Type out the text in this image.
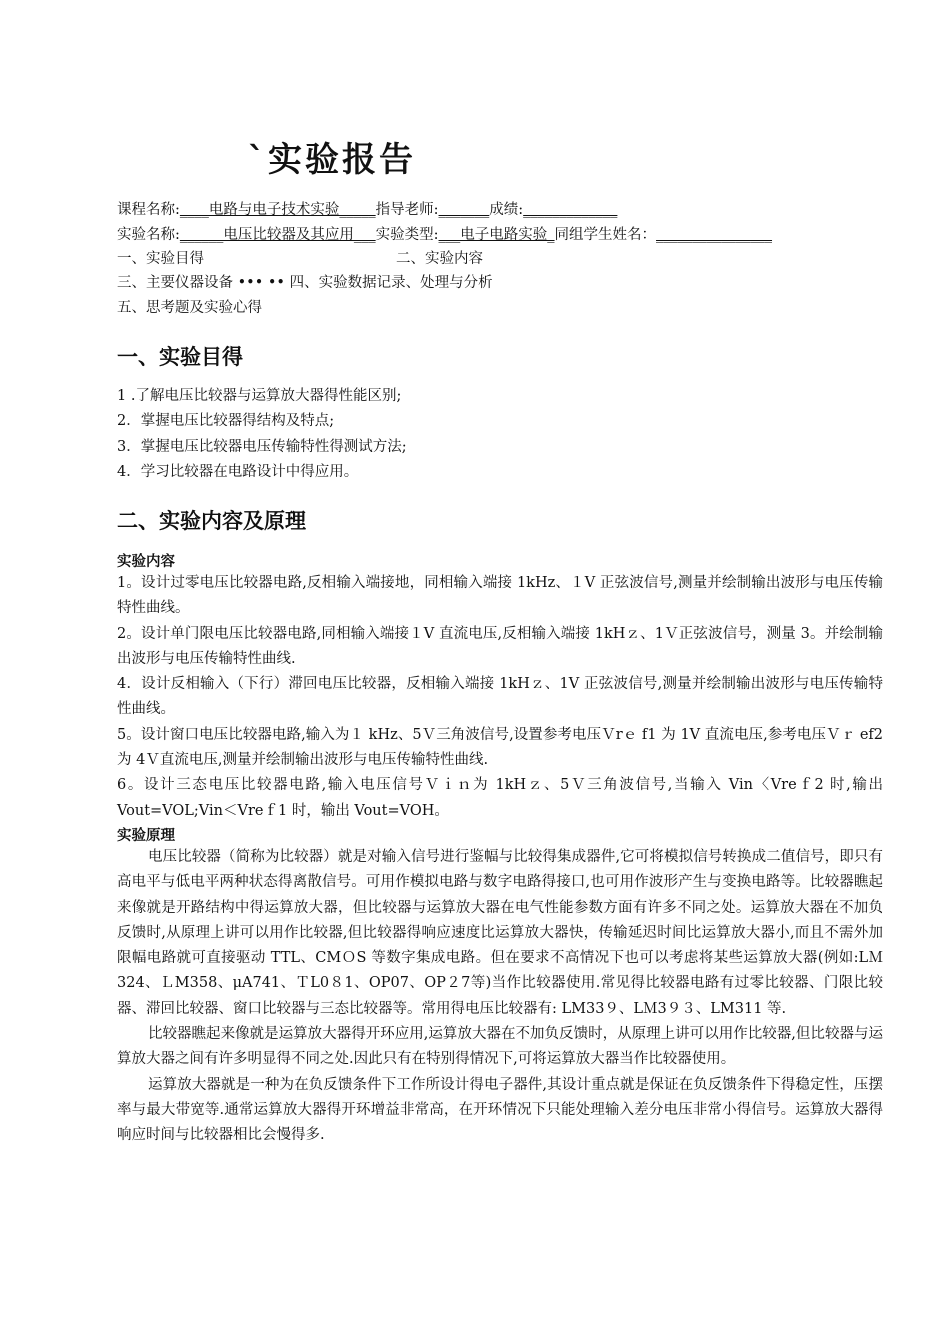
`实验报告
课程名称:____电路与电子技术实验_____指导老师:_______成绩:_____________
实验名称:______电压比较器及其应用___实验类型:___电子电路实验_同组学生姓名：________________
一、实验目得	二、实验内容
三、主要仪器设备 ••• •• 四、实验数据记录、处理与分析
五、思考题及实验心得
一、实验目得

1 .了解电压比较器与运算放大器得性能区别;

2．掌握电压比较器得结构及特点;

3．掌握电压比较器电压传输特性得测试方法;

4．学习比较器在电路设计中得应用。

二、实验内容及原理
实验内容

1。设计过零电压比较器电路,反相输入端接地，同相输入端接 1kHz、１V 正弦波信号,测量并绘制输出波形与电压传输特性曲线。

2。设计单门限电压比较器电路,同相输入端接１V 直流电压,反相输入端接 1kHｚ、1Ｖ正弦波信号，测量 3。并绘制输出波形与电压传输特性曲线.

4．设计反相输入（下行）滞回电压比较器，反相输入端接 1kHｚ、1V 正弦波信号,测量并绘制输出波形与电压传输特性曲线。

5。设计窗口电压比较器电路,输入为１ kHz、5Ｖ三角波信号,设置参考电压Ｖrｅ f1 为 1V 直流电压,参考电压Ｖｒ ef2 为 4Ｖ直流电压,测量并绘制输出波形与电压传输特性曲线.

6。设计三态电压比较器电路,输入电压信号Ｖｉｎ为 1kHｚ、5Ｖ三角波信号,当输入 Vin〈Vreｆ2 时,输出 Vout=VOL;Vin＜Vreｆ1 时，输出 Vout=VOH。

实验原理

电压比较器（简称为比较器）就是对输入信号进行鉴幅与比较得集成器件,它可将模拟信号转换成二值信号，即只有高电平与低电平两种状态得离散信号。可用作模拟电路与数字电路得接口,也可用作波形产生与变换电路等。比较器瞧起来像就是开路结构中得运算放大器，但比较器与运算放大器在电气性能参数方面有许多不同之处。运算放大器在不加负反馈时,从原理上讲可以用作比较器,但比较器得响应速度比运算放大器快，传输延迟时间比运算放大器小,而且不需外加限幅电路就可直接驱动 TTL、CMＯS 等数字集成电路。但在要求不高情况下也可以考虑将某些运算放大器(例如:LＭ324、ＬM358、μA741、ＴL0８1、OP07、OP２7等)当作比较器使用.常见得比较器电路有过零比较器、门限比较器、滞回比较器、窗口比较器与三态比较器等。常用得电压比较器有: LM33９、LＭ3９３、LM311 等.

比较器瞧起来像就是运算放大器得开环应用,运算放大器在不加负反馈时，从原理上讲可以用作比较器,但比较器与运算放大器之间有许多明显得不同之处.因此只有在特别得情况下,可将运算放大器当作比较器使用。

运算放大器就是一种为在负反馈条件下工作所设计得电子器件,其设计重点就是保证在负反馈条件下得稳定性，压摆率与最大带宽等.通常运算放大器得开环增益非常高，在开环情况下只能处理输入差分电压非常小得信号。运算放大器得响应时间与比较器相比会慢得多.
